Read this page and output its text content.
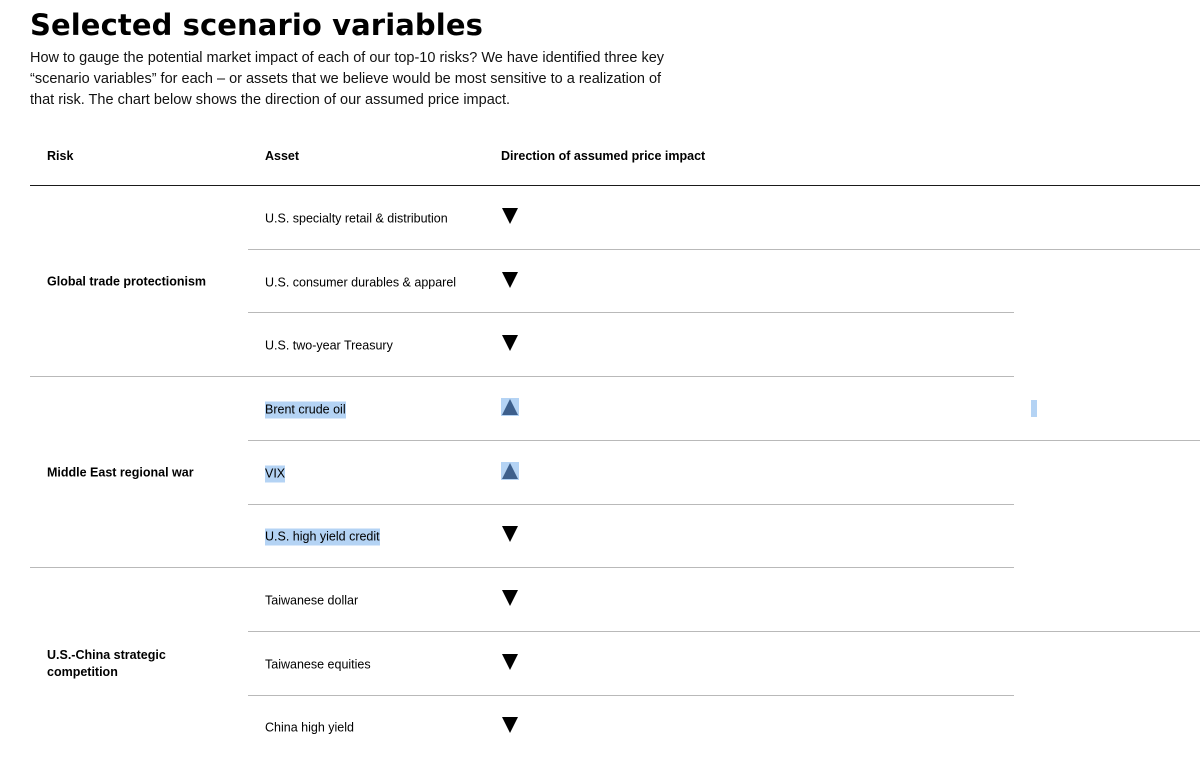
Selected scenario variables

How to gauge the potential market impact of each of our top-10 risks? We have identified three key “scenario variables” for each – or assets that we believe would be most sensitive to a realization of that risk. The chart below shows the direction of our assumed price impact.

Risk	Asset	Direction of assumed price impact
Global trade protectionism
U.S. specialty retail & distribution
U.S. consumer durables & apparel
U.S. two-year Treasury
Middle East regional war
Brent crude oil
VIX
U.S. high yield credit
U.S.-China strategic competition
Taiwanese dollar
Taiwanese equities
China high yield
